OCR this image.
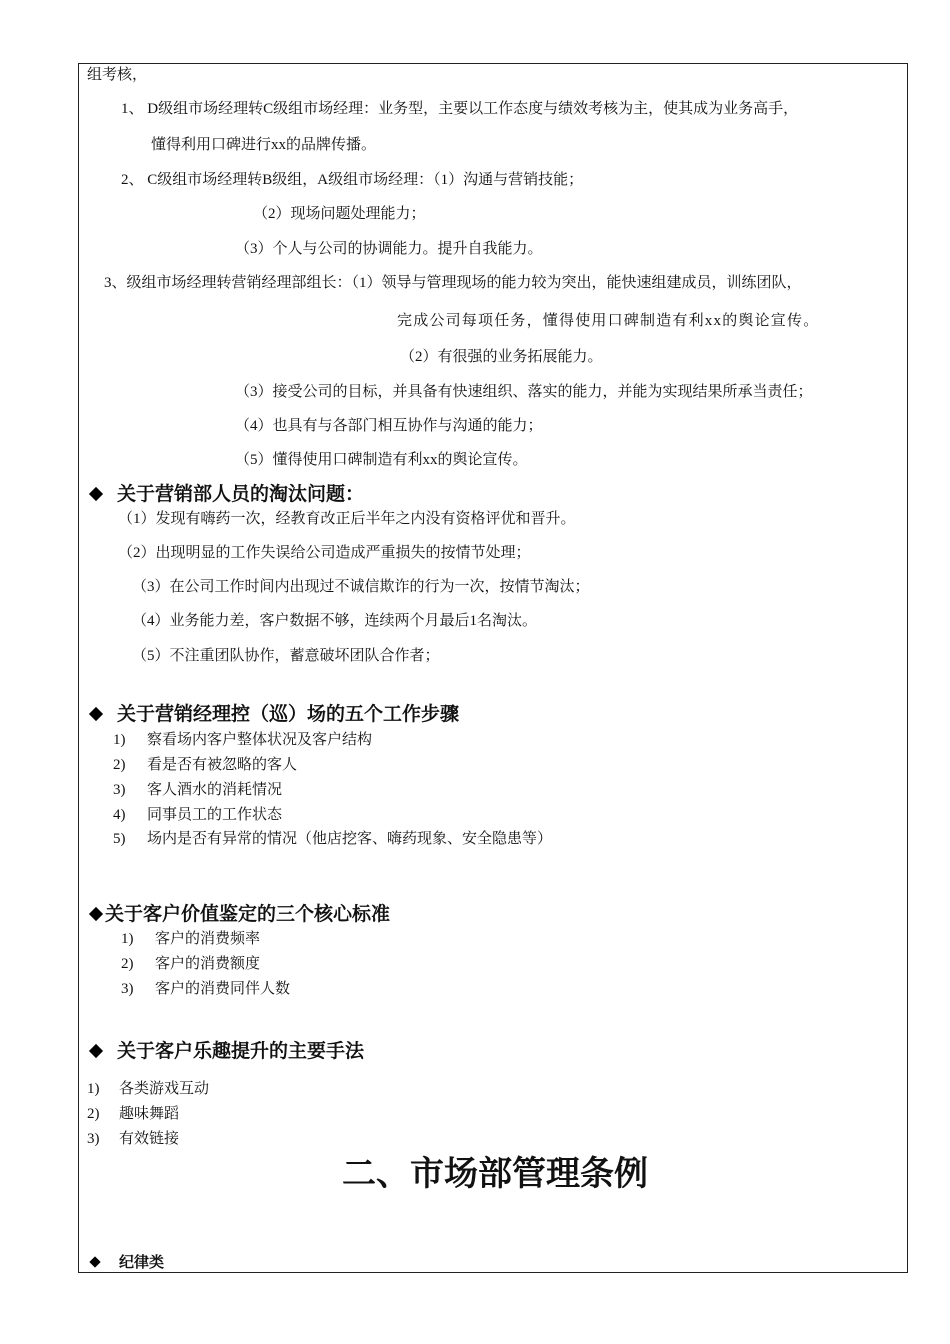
组考核，
1、 D级组市场经理转C级组市场经理：业务型，主要以工作态度与绩效考核为主，使其成为业务高手，
懂得利用口碑进行xx的品牌传播。
2、 C级组市场经理转B级组，A级组市场经理：（1）沟通与营销技能；
（2）现场问题处理能力；
（3）个人与公司的协调能力。提升自我能力。
3、级组市场经理转营销经理部组长：（1）领导与管理现场的能力较为突出，能快速组建成员，训练团队，
完成公司每项任务，懂得使用口碑制造有利xx的舆论宣传。
（2）有很强的业务拓展能力。
（3）接受公司的目标，并具备有快速组织、落实的能力，并能为实现结果所承当责任；
（4）也具有与各部门相互协作与沟通的能力；
（5）懂得使用口碑制造有利xx的舆论宣传。
关于营销部人员的淘汰问题：
（1）发现有嗨药一次，经教育改正后半年之内没有资格评优和晋升。
（2）出现明显的工作失误给公司造成严重损失的按情节处理；
（3）在公司工作时间内出现过不诚信欺诈的行为一次，按情节淘汰；
（4）业务能力差，客户数据不够，连续两个月最后1名淘汰。
（5）不注重团队协作，蓄意破坏团队合作者；
关于营销经理控（巡）场的五个工作步骤
1) 察看场内客户整体状况及客户结构
2) 看是否有被忽略的客人
3) 客人酒水的消耗情况
4) 同事员工的工作状态
5) 场内是否有异常的情况（他店挖客、嗨药现象、安全隐患等）
关于客户价值鉴定的三个核心标准
1) 客户的消费频率
2) 客户的消费额度
3) 客户的消费同伴人数
关于客户乐趣提升的主要手法
1) 各类游戏互动
2) 趣味舞蹈
3) 有效链接
二、市场部管理条例
纪律类
